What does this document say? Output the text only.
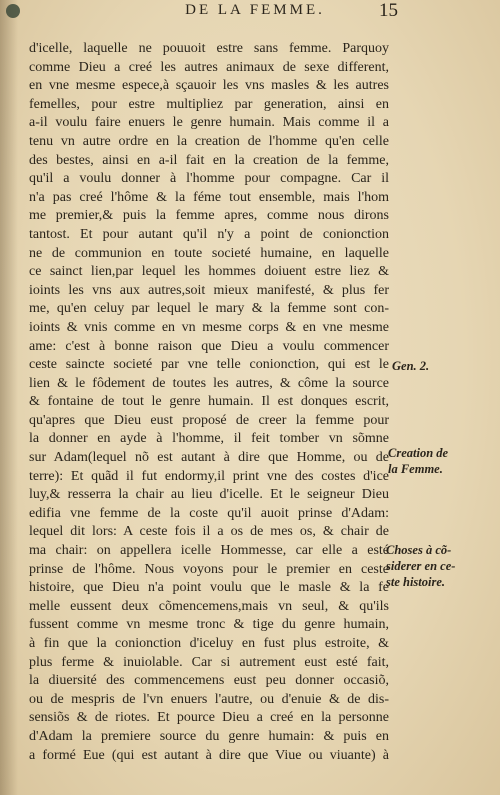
DE LA FEMME.	15
d'icelle, laquelle ne pouuoit estre sans femme. Parquoy
comme Dieu a creé les autres animaux de sexe different,
en vne mesme espece,à sçauoir les vns masles & les autres
femelles, pour estre multipliez par generation, ainsi en
a-il voulu faire enuers le genre humain. Mais comme il a
tenu vn autre ordre en la creation de l'homme qu'en celle
des bestes, ainsi en a-il fait en la creation de la femme,
qu'il a voulu donner à l'homme pour compagne. Car il
n'a pas creé l'hôme & la féme tout ensemble, mais l'hom
me premier,& puis la femme apres, comme nous dirons
tantost. Et pour autant qu'il n'y a point de conionction
ne de communion en toute societé humaine, en laquelle
ce sainct lien,par lequel les hommes doiuent estre liez &
ioints les vns aux autres,soit mieux manifesté, & plus fer
me, qu'en celuy par lequel le mary & la femme sont con-
ioints & vnis comme en vn mesme corps & en vne mesme
ame: c'est à bonne raison que Dieu a voulu commencer
ceste saincte societé par vne telle conionction, qui est le
lien & le fôdement de toutes les autres, & côme la source
& fontaine de tout le genre humain. Il est donques escrit,
qu'apres que Dieu eust proposé de creer la femme pour
la donner en ayde à l'homme, il feit tomber vn sõmne
sur Adam(lequel nõ est autant à dire que Homme, ou de
terre): Et quãd il fut endormy,il print vne des costes d'ice
luy,& resserra la chair au lieu d'icelle. Et le seigneur Dieu
edifia vne femme de la coste qu'il auoit prinse d'Adam:
lequel dit lors: A ceste fois il a os de mes os, & chair de
ma chair: on appellera icelle Hommesse, car elle a esté
prinse de l'hôme. Nous voyons pour le premier en ceste
histoire, que Dieu n'a point voulu que le masle & la fe
melle eussent deux cõmencemens,mais vn seul, & qu'ils
fussent comme vn mesme tronc & tige du genre humain,
à fin que la conionction d'iceluy en fust plus estroite, &
plus ferme & inuiolable. Car si autrement eust esté fait,
la diuersité des commencemens eust peu donner occasiõ,
ou de mespris de l'vn enuers l'autre, ou d'enuie & de dis-
sensiõs & de riotes. Et pource Dieu a creé en la personne
d'Adam la premiere source du genre humain: & puis en
a formé Eue (qui est autant à dire que Viue ou viuante) à
Gen. 2.
Creation de
la Femme.
Choses à cõ-
siderer en ce-
ste histoire.
